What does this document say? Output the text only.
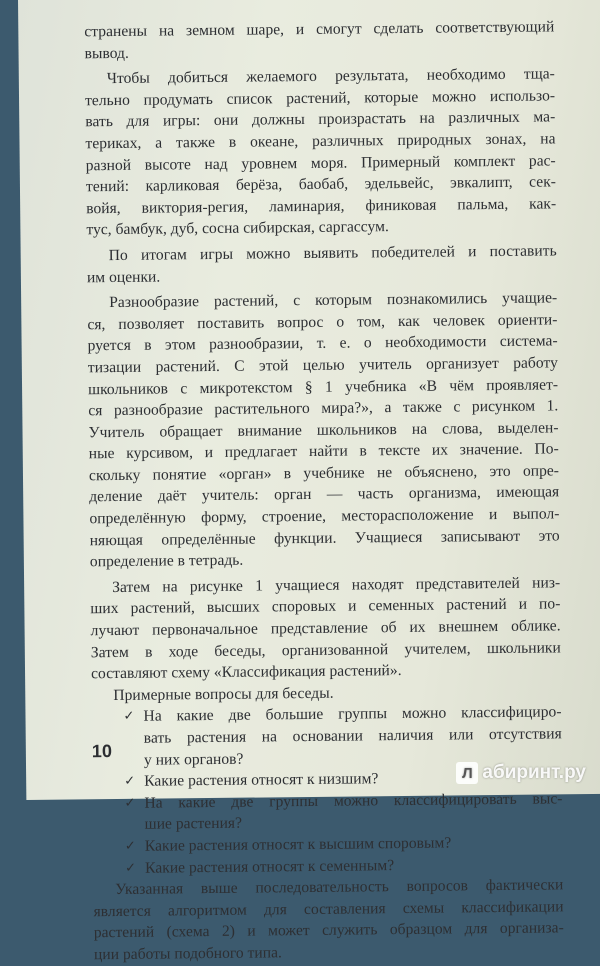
странены на земном шаре, и смогут сделать соответствующий
вывод.
Чтобы добиться желаемого результата, необходимо тща-
тельно продумать список растений, которые можно использо-
вать для игры: они должны произрастать на различных ма-
териках, а также в океане, различных природных зонах, на
разной высоте над уровнем моря. Примерный комплект рас-
тений: карликовая берёза, баобаб, эдельвейс, эвкалипт, сек-
войя, виктория-регия, ламинария, финиковая пальма, как-
тус, бамбук, дуб, сосна сибирская, саргассум.
По итогам игры можно выявить победителей и поставить
им оценки.
Разнообразие растений, с которым познакомились учащие-
ся, позволяет поставить вопрос о том, как человек ориенти-
руется в этом разнообразии, т. е. о необходимости система-
тизации растений. С этой целью учитель организует работу
школьников с микротекстом § 1 учебника «В чём проявляет-
ся разнообразие растительного мира?», а также с рисунком 1.
Учитель обращает внимание школьников на слова, выделен-
ные курсивом, и предлагает найти в тексте их значение. По-
скольку понятие «орган» в учебнике не объяснено, это опре-
деление даёт учитель: орган — часть организма, имеющая
определённую форму, строение, месторасположение и выпол-
няющая определённые функции. Учащиеся записывают это
определение в тетрадь.
Затем на рисунке 1 учащиеся находят представителей низ-
ших растений, высших споровых и семенных растений и по-
лучают первоначальное представление об их внешнем облике.
Затем в ходе беседы, организованной учителем, школьники
составляют схему «Классификация растений».
Примерные вопросы для беседы.
✓ На какие две большие группы можно классифициро-
вать растения на основании наличия или отсутствия
у них органов?
✓ Какие растения относят к низшим?
✓ На какие две группы можно классифицировать выс-
шие растения?
✓ Какие растения относят к высшим споровым?
✓ Какие растения относят к семенным?
Указанная выше последовательность вопросов фактически
является алгоритмом для составления схемы классификации
растений (схема 2) и может служить образцом для организа-
ции работы подобного типа.
10
Л абиринт.ру
